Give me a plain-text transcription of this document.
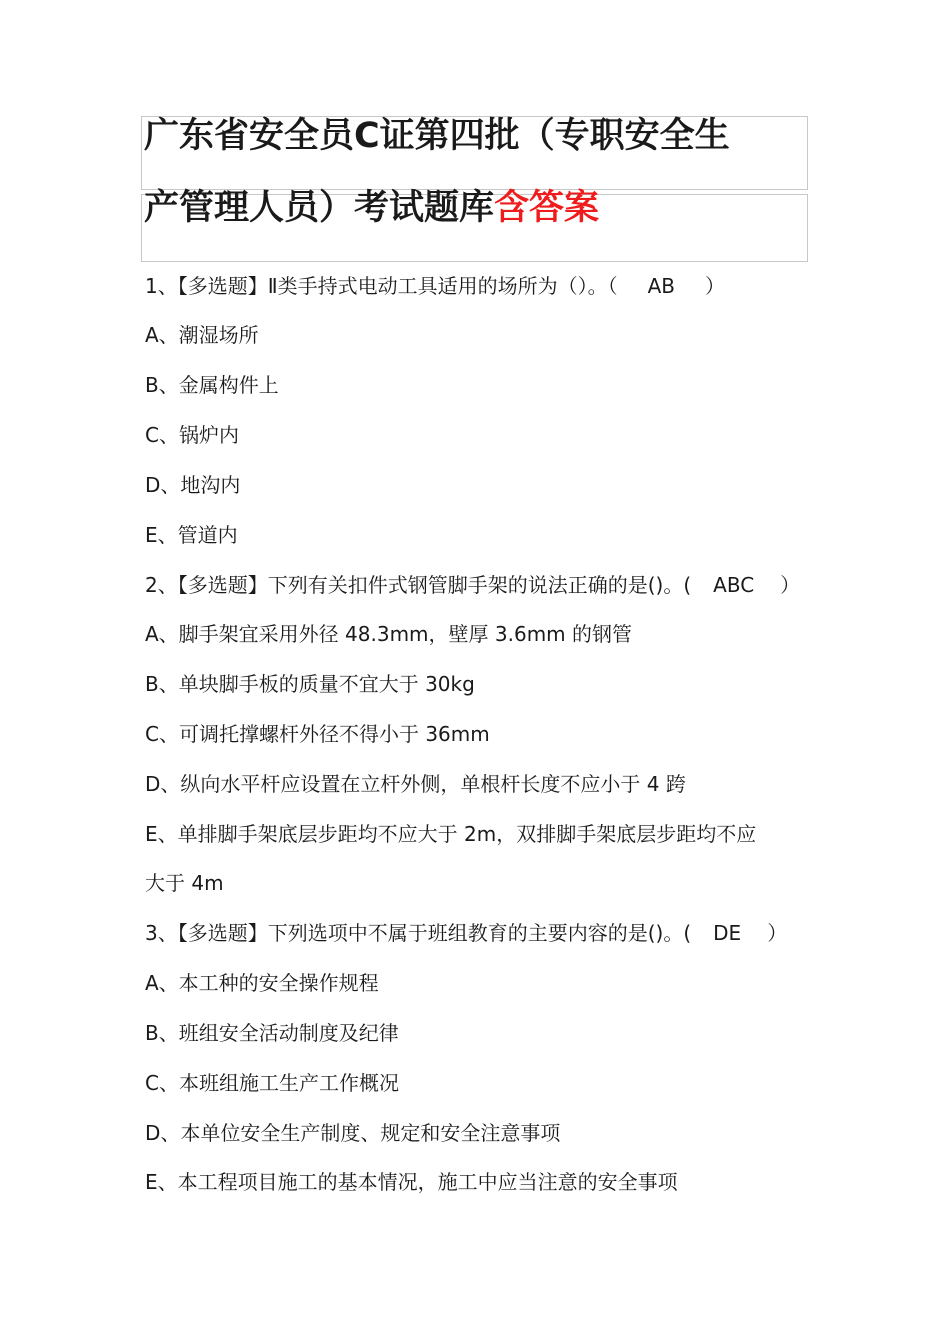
广东省安全员C证第四批（专职安全生
产管理人员）考试题库含答案
1、【多选题】Ⅱ类手持式电动工具适用的场所为（）。（ AB ）
A、潮湿场所
B、金属构件上
C、锅炉内
D、地沟内
E、管道内
2、【多选题】下列有关扣件式钢管脚手架的说法正确的是()。( ABC ）
A、脚手架宜采用外径 48.3mm，壁厚 3.6mm 的钢管
B、单块脚手板的质量不宜大于 30kg
C、可调托撑螺杆外径不得小于 36mm
D、纵向水平杆应设置在立杆外侧，单根杆长度不应小于 4 跨
E、单排脚手架底层步距均不应大于 2m，双排脚手架底层步距均不应
大于 4m
3、【多选题】下列选项中不属于班组教育的主要内容的是()。( DE ）
A、本工种的安全操作规程
B、班组安全活动制度及纪律
C、本班组施工生产工作概况
D、本单位安全生产制度、规定和安全注意事项
E、本工程项目施工的基本情况，施工中应当注意的安全事项
